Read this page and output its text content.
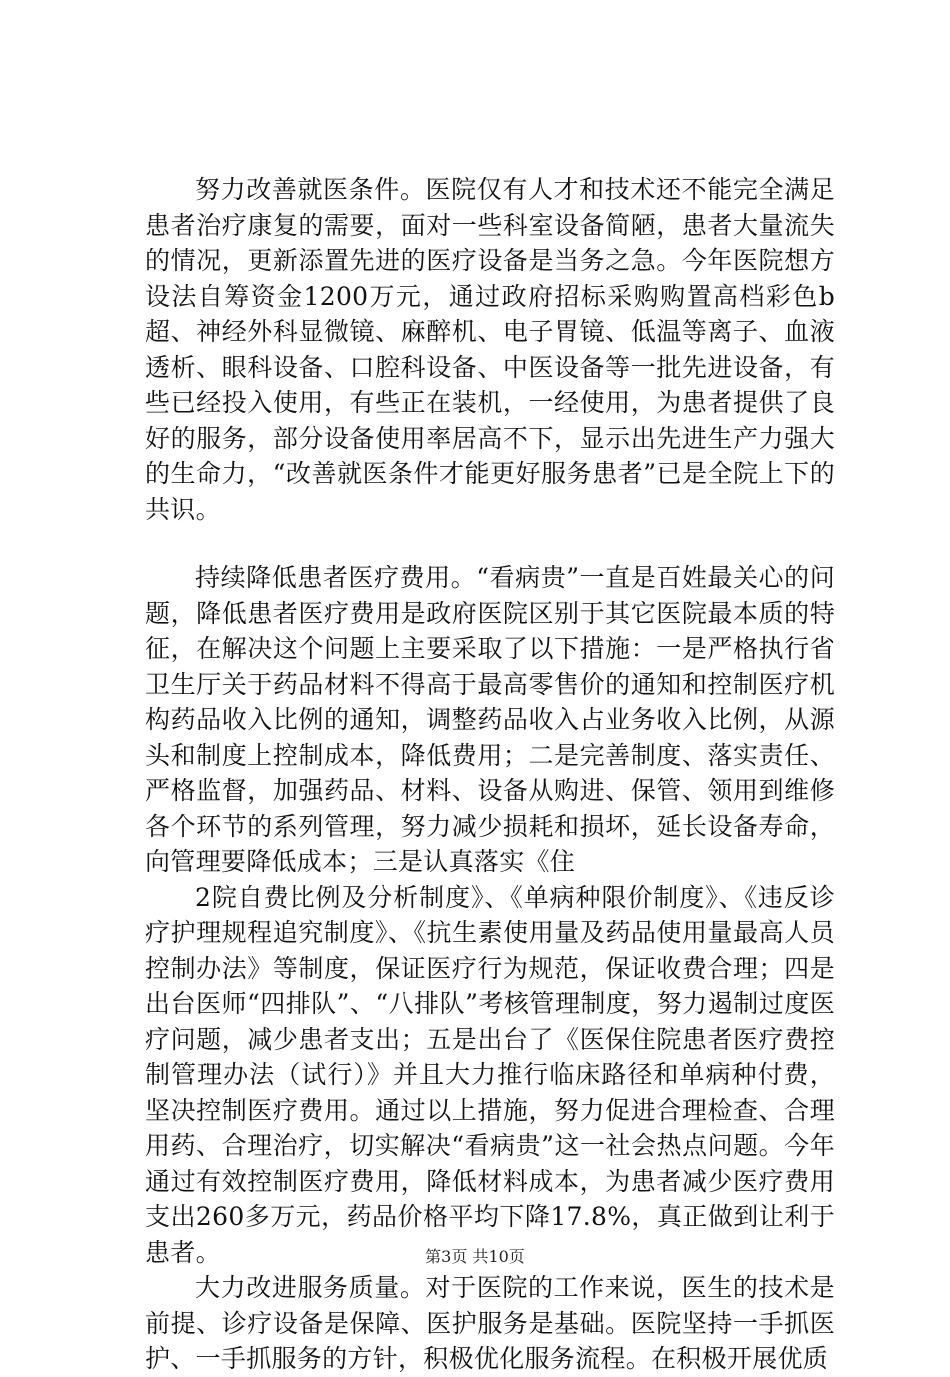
努力改善就医条件。医院仅有人才和技术还不能完全满足患者治疗康复的需要，面对一些科室设备简陋，患者大量流失的情况，更新添置先进的医疗设备是当务之急。今年医院想方设法自筹资金1200万元，通过政府招标采购购置高档彩色b超、神经外科显微镜、麻醉机、电子胃镜、低温等离子、血液透析、眼科设备、口腔科设备、中医设备等一批先进设备，有些已经投入使用，有些正在装机，一经使用，为患者提供了良好的服务，部分设备使用率居高不下，显示出先进生产力强大的生命力，“改善就医条件才能更好服务患者”已是全院上下的共识。

持续降低患者医疗费用。“看病贵”一直是百姓最关心的问题，降低患者医疗费用是政府医院区别于其它医院最本质的特征，在解决这个问题上主要采取了以下措施：一是严格执行省卫生厅关于药品材料不得高于最高零售价的通知和控制医疗机构药品收入比例的通知，调整药品收入占业务收入比例，从源头和制度上控制成本，降低费用；二是完善制度、落实责任、严格监督，加强药品、材料、设备从购进、保管、领用到维修各个环节的系列管理，努力减少损耗和损坏，延长设备寿命，向管理要降低成本；三是认真落实《住

2院自费比例及分析制度》、《单病种限价制度》、《违反诊疗护理规程追究制度》、《抗生素使用量及药品使用量最高人员控制办法》等制度，保证医疗行为规范，保证收费合理；四是出台医师“四排队”、“八排队”考核管理制度，努力遏制过度医疗问题，减少患者支出；五是出台了《医保住院患者医疗费控制管理办法（试行）》并且大力推行临床路径和单病种付费，坚决控制医疗费用。通过以上措施，努力促进合理检查、合理用药、合理治疗，切实解决“看病贵”这一社会热点问题。今年通过有效控制医疗费用，降低材料成本，为患者减少医疗费用支出260多万元，药品价格平均下降17.8%，真正做到让利于患者。

大力改进服务质量。对于医院的工作来说，医生的技术是前提、诊疗设备是保障、医护服务是基础。医院坚持一手抓医护、一手抓服务的方针，积极优化服务流程。在积极开展优质

第3页 共10页
